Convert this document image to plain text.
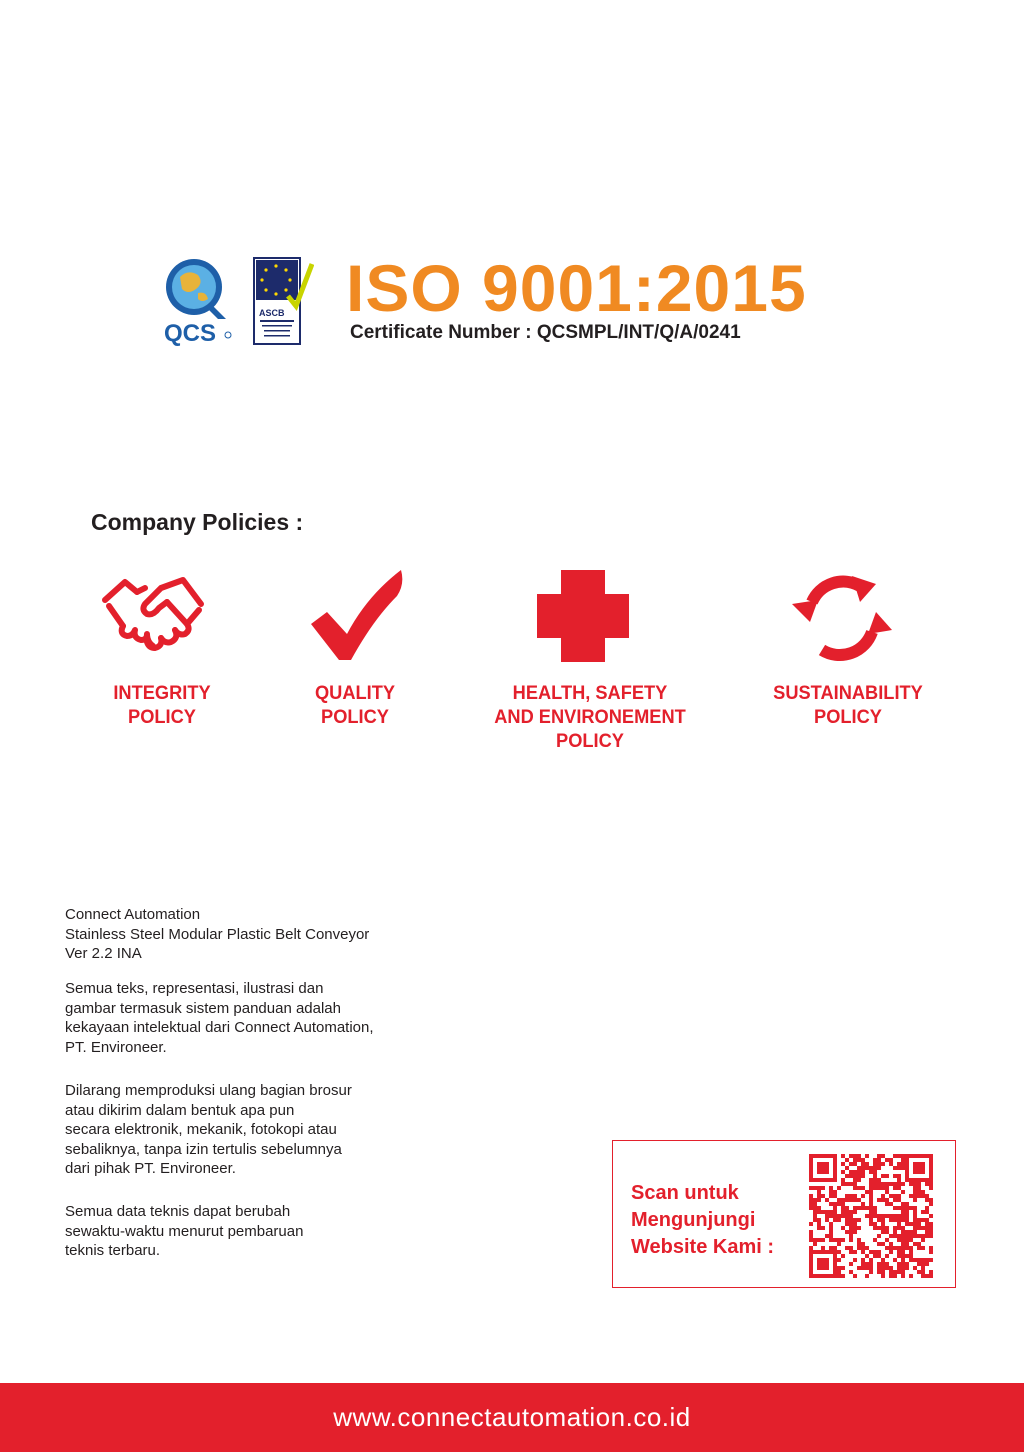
QCS
ASCB ISO 9001:2015
Certificate Number : QCSMPL/INT/Q/A/0241
Company Policies :
INTEGRITY
POLICY
QUALITY
POLICY
HEALTH, SAFETY
AND ENVIRONEMENT
POLICY
SUSTAINABILITY
POLICY
Connect Automation
Stainless Steel Modular Plastic Belt Conveyor
Ver 2.2 INA
Semua teks, representasi, ilustrasi dan
gambar termasuk sistem panduan adalah
kekayaan intelektual dari Connect Automation,
PT. Environeer.
Dilarang memproduksi ulang bagian brosur
atau dikirim dalam bentuk apa pun
secara elektronik, mekanik, fotokopi atau
sebaliknya, tanpa izin tertulis sebelumnya
dari pihak PT. Environeer.
Semua data teknis dapat berubah
sewaktu-waktu menurut pembaruan
teknis terbaru.
Scan untuk
Mengunjungi
Website Kami :
www.connectautomation.co.id
